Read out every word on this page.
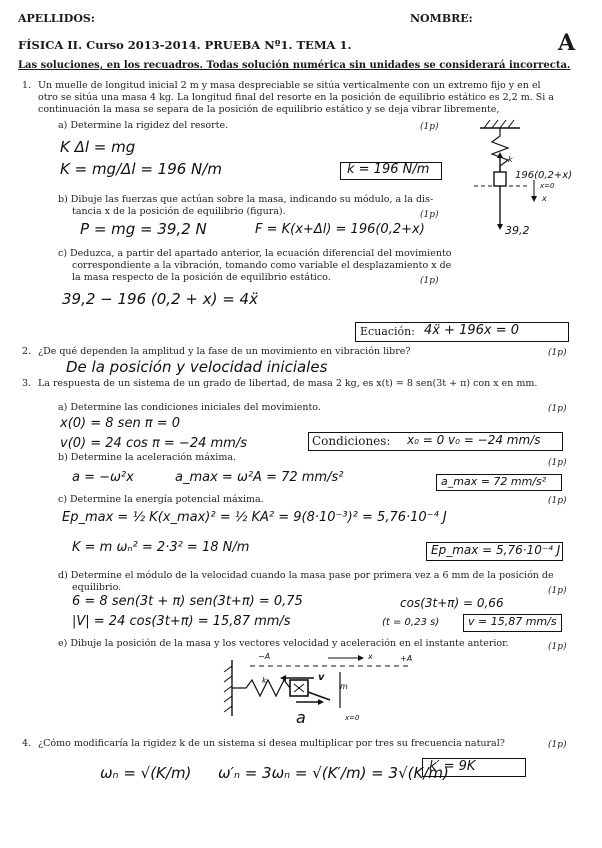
APELLIDOS:	NOMBRE:
FÍSICA II. Curso 2013-2014. PRUEBA Nº1. TEMA 1.	A
Las soluciones, en los recuadros. Todas solución numérica sin unidades se considerará incorrecta.
1. Un muelle de longitud inicial 2 m y masa despreciable se sitúa verticalmente con un extremo fijo y en el
otro se sitúa una masa 4 kg. La longitud final del resorte en la posición de equilibrio estático es 2,2 m. Si a
continuación la masa se separa de la posición de equilibrio estático y se deja vibrar libremente,
a) Determine la rigidez del resorte.	(1p)
K Δl = mg
K = mg/Δl = 196 N/m	k = 196 N/m
b) Dibuje las fuerzas que actúan sobre la masa, indicando su módulo, a la dis-
tancia x de la posición de equilibrio (figura).	(1p)
P = mg = 39,2 N	F = K(x+Δl) = 196(0,2+x)
196(0,2+x)
39,2
x=0
x
k
c) Deduzca, a partir del apartado anterior, la ecuación diferencial del movimiento
correspondiente a la vibración, tomando como variable el desplazamiento x de
la masa respecto de la posición de equilibrio estático.	(1p)
39,2 − 196 (0,2 + x) = 4ẍ
Ecuación: 4ẍ + 196x = 0
2. ¿De qué dependen la amplitud y la fase de un movimiento en vibración libre?	(1p)
De la posición y velocidad iniciales
3. La respuesta de un sistema de un grado de libertad, de masa 2 kg, es x(t) = 8 sen(3t + π) con x en mm.
a) Determine las condiciones iniciales del movimiento.	(1p)
x(0) = 8 sen π = 0
v(0) = 24 cos π = −24 mm/s	Condiciones: x₀ = 0 v₀ = −24 mm/s
b) Determine la aceleración máxima.	(1p)
a = −ω²x	a_max = ω²A = 72 mm/s²	a_max = 72 mm/s²
c) Determine la energía potencial máxima.	(1p)
Ep_max = ½ K(x_max)² = ½ KA² = 9(8·10⁻³)² = 5,76·10⁻⁴ J
K = m ωₙ² = 2·3² = 18 N/m	Ep_max = 5,76·10⁻⁴ J
d) Determine el módulo de la velocidad cuando la masa pase por primera vez a 6 mm de la posición de
equilibrio.	(1p)
6 = 8 sen(3t + π) sen(3t+π) = 0,75	cos(3t+π) = 0,66
|V| = 24 cos(3t+π) = 15,87 mm/s	(t = 0,23 s)	v = 15,87 mm/s
e) Dibuje la posición de la masa y los vectores velocidad y aceleración en el instante anterior.	(1p)
−A	+A
x
v
a
m
k
x=0
4. ¿Cómo modificaría la rigidez k de un sistema si desea multiplicar por tres su frecuencia natural?	(1p)
ωₙ = √(K/m) ω′ₙ = 3ωₙ = √(K′/m) = 3√(K/m)
k′ = 9K
